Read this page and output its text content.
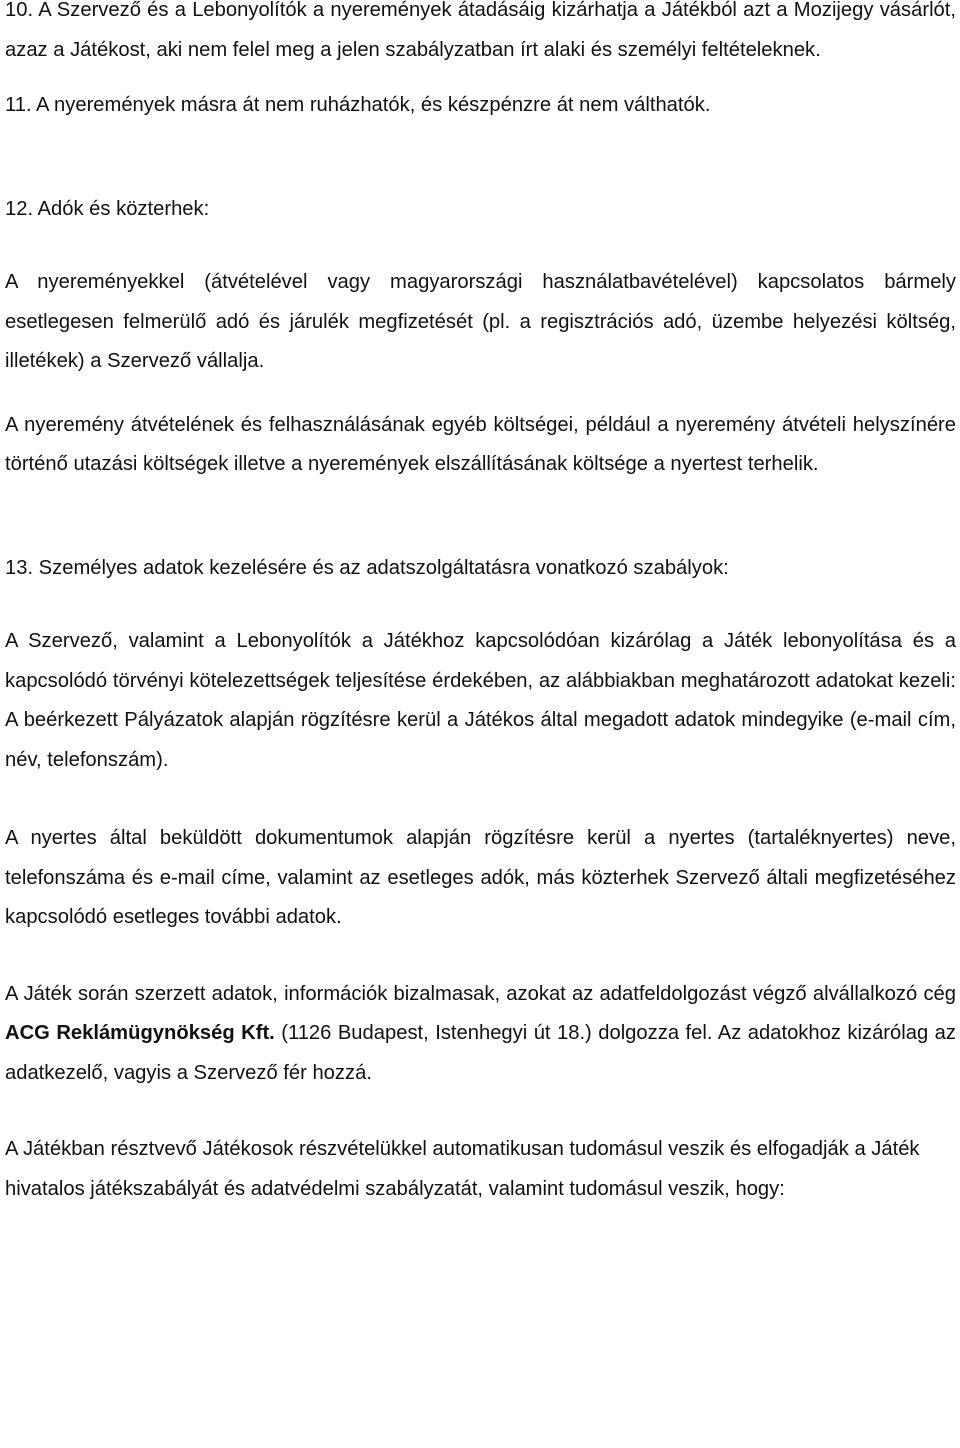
10. A Szervező és a Lebonyolítók a nyeremények átadásáig kizárhatja a Játékból azt a Mozijegy vásárlót, azaz a Játékost, aki nem felel meg a jelen szabályzatban írt alaki és személyi feltételeknek.

11. A nyeremények másra át nem ruházhatók, és készpénzre át nem válthatók.

12. Adók és közterhek:

A nyereményekkel (átvételével vagy magyarországi használatbavételével) kapcsolatos bármely esetlegesen felmerülő adó és járulék megfizetését (pl. a regisztrációs adó, üzembe helyezési költség, illetékek) a Szervező vállalja.

A nyeremény átvételének és felhasználásának egyéb költségei, például a nyeremény átvételi helyszínére történő utazási költségek illetve a nyeremények elszállításának költsége a nyertest terhelik.

13. Személyes adatok kezelésére és az adatszolgáltatásra vonatkozó szabályok:

A Szervező, valamint a Lebonyolítók a Játékhoz kapcsolódóan kizárólag a Játék lebonyolítása és a kapcsolódó törvényi kötelezettségek teljesítése érdekében, az alábbiakban meghatározott adatokat kezeli: A beérkezett Pályázatok alapján rögzítésre kerül a Játékos által megadott adatok mindegyike (e-mail cím, név, telefonszám).

A nyertes által beküldött dokumentumok alapján rögzítésre kerül a nyertes (tartaléknyertes) neve, telefonszáma és e-mail címe, valamint az esetleges adók, más közterhek Szervező általi megfizetéséhez kapcsolódó esetleges további adatok.

A Játék során szerzett adatok, információk bizalmasak, azokat az adatfeldolgozást végző alvállalkozó cég ACG Reklámügynökség Kft. (1126 Budapest, Istenhegyi út 18.) dolgozza fel. Az adatokhoz kizárólag az adatkezelő, vagyis a Szervező fér hozzá.

A Játékban résztvevő Játékosok részvételükkel automatikusan tudomásul veszik és elfogadják a Játék hivatalos játékszabályát és adatvédelmi szabályzatát, valamint tudomásul veszik, hogy:
